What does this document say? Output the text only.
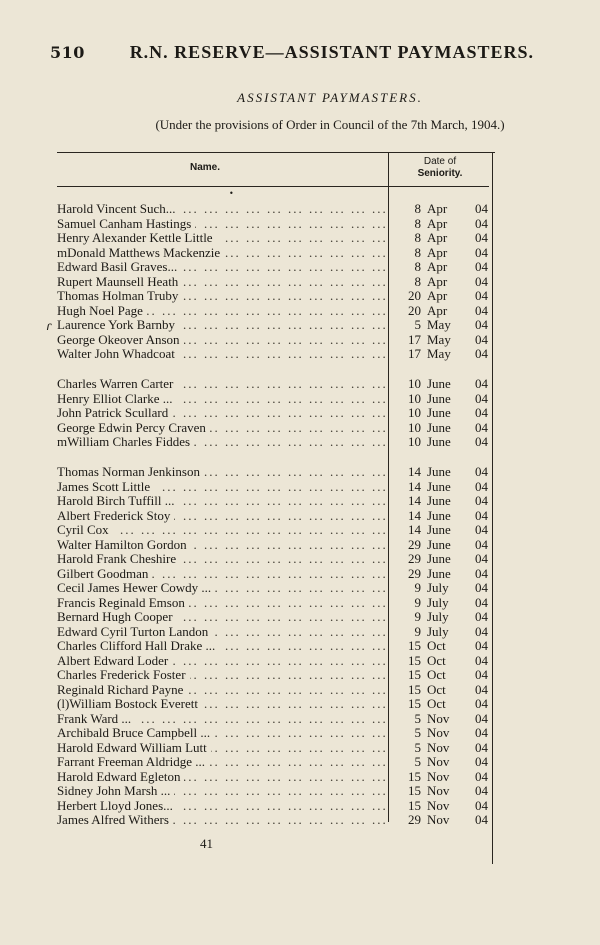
510 R.N. RESERVE—ASSISTANT PAYMASTERS.
ASSISTANT PAYMASTERS.
(Under the provisions of Order in Council of the 7th March, 1904.)
Name.
Date of
Seniority.
•
ɾ
Harold Vincent Such... ... .	8 Apr	04
Samuel Canham Hastings ... .	8 Apr	04
Henry Alexander Kettle Little ... .	8 Apr	04
mDonald Matthews Mackenzie ... .	8 Apr	04
Edward Basil Graves... ... .	8 Apr	04
Rupert Maunsell Heath ... .	8 Apr	04
Thomas Holman Truby ... .	20 Apr	04
Hugh Noel Page ... .	20 Apr	04
Laurence York Barnby ... .	5 May	04
George Okeover Anson ... .	17 May	04
Walter John Whadcoat ... .	17 May	04
Charles Warren Carter ... .	10 June	04
Henry Elliot Clarke ... ... .	10 June	04
John Patrick Scullard ... .	10 June	04
George Edwin Percy Craven ... .	10 June	04
mWilliam Charles Fiddes ... .	10 June	04
Thomas Norman Jenkinson ... .	14 June	04
James Scott Little ... .	14 June	04
Harold Birch Tuffill ... ... .	14 June	04
Albert Frederick Stoy ... .	14 June	04
Cyril Cox ... .	14 June	04
Walter Hamilton Gordon ... .	29 June	04
Harold Frank Cheshire ... .	29 June	04
Gilbert Goodman ... .	29 June	04
Cecil James Hewer Cowdy ... ... .	9 July	04
Francis Reginald Emson ... .	9 July	04
Bernard Hugh Cooper ... .	9 July	04
Edward Cyril Turton Landon ... .	9 July	04
Charles Clifford Hall Drake ... ... .	15 Oct	04
Albert Edward Loder ... .	15 Oct	04
Charles Frederick Foster ... .	15 Oct	04
Reginald Richard Payne ... .	15 Oct	04
(l)William Bostock Everett ... .	15 Oct	04
Frank Ward ... ... .	5 Nov	04
Archibald Bruce Campbell ... ... .	5 Nov	04
Harold Edward William Lutt ... .	5 Nov	04
Farrant Freeman Aldridge ... ... .	5 Nov	04
Harold Edward Egleton ... .	15 Nov	04
Sidney John Marsh ... ... .	15 Nov	04
Herbert Lloyd Jones... ... .	15 Nov	04
James Alfred Withers ... .	29 Nov	04
41
